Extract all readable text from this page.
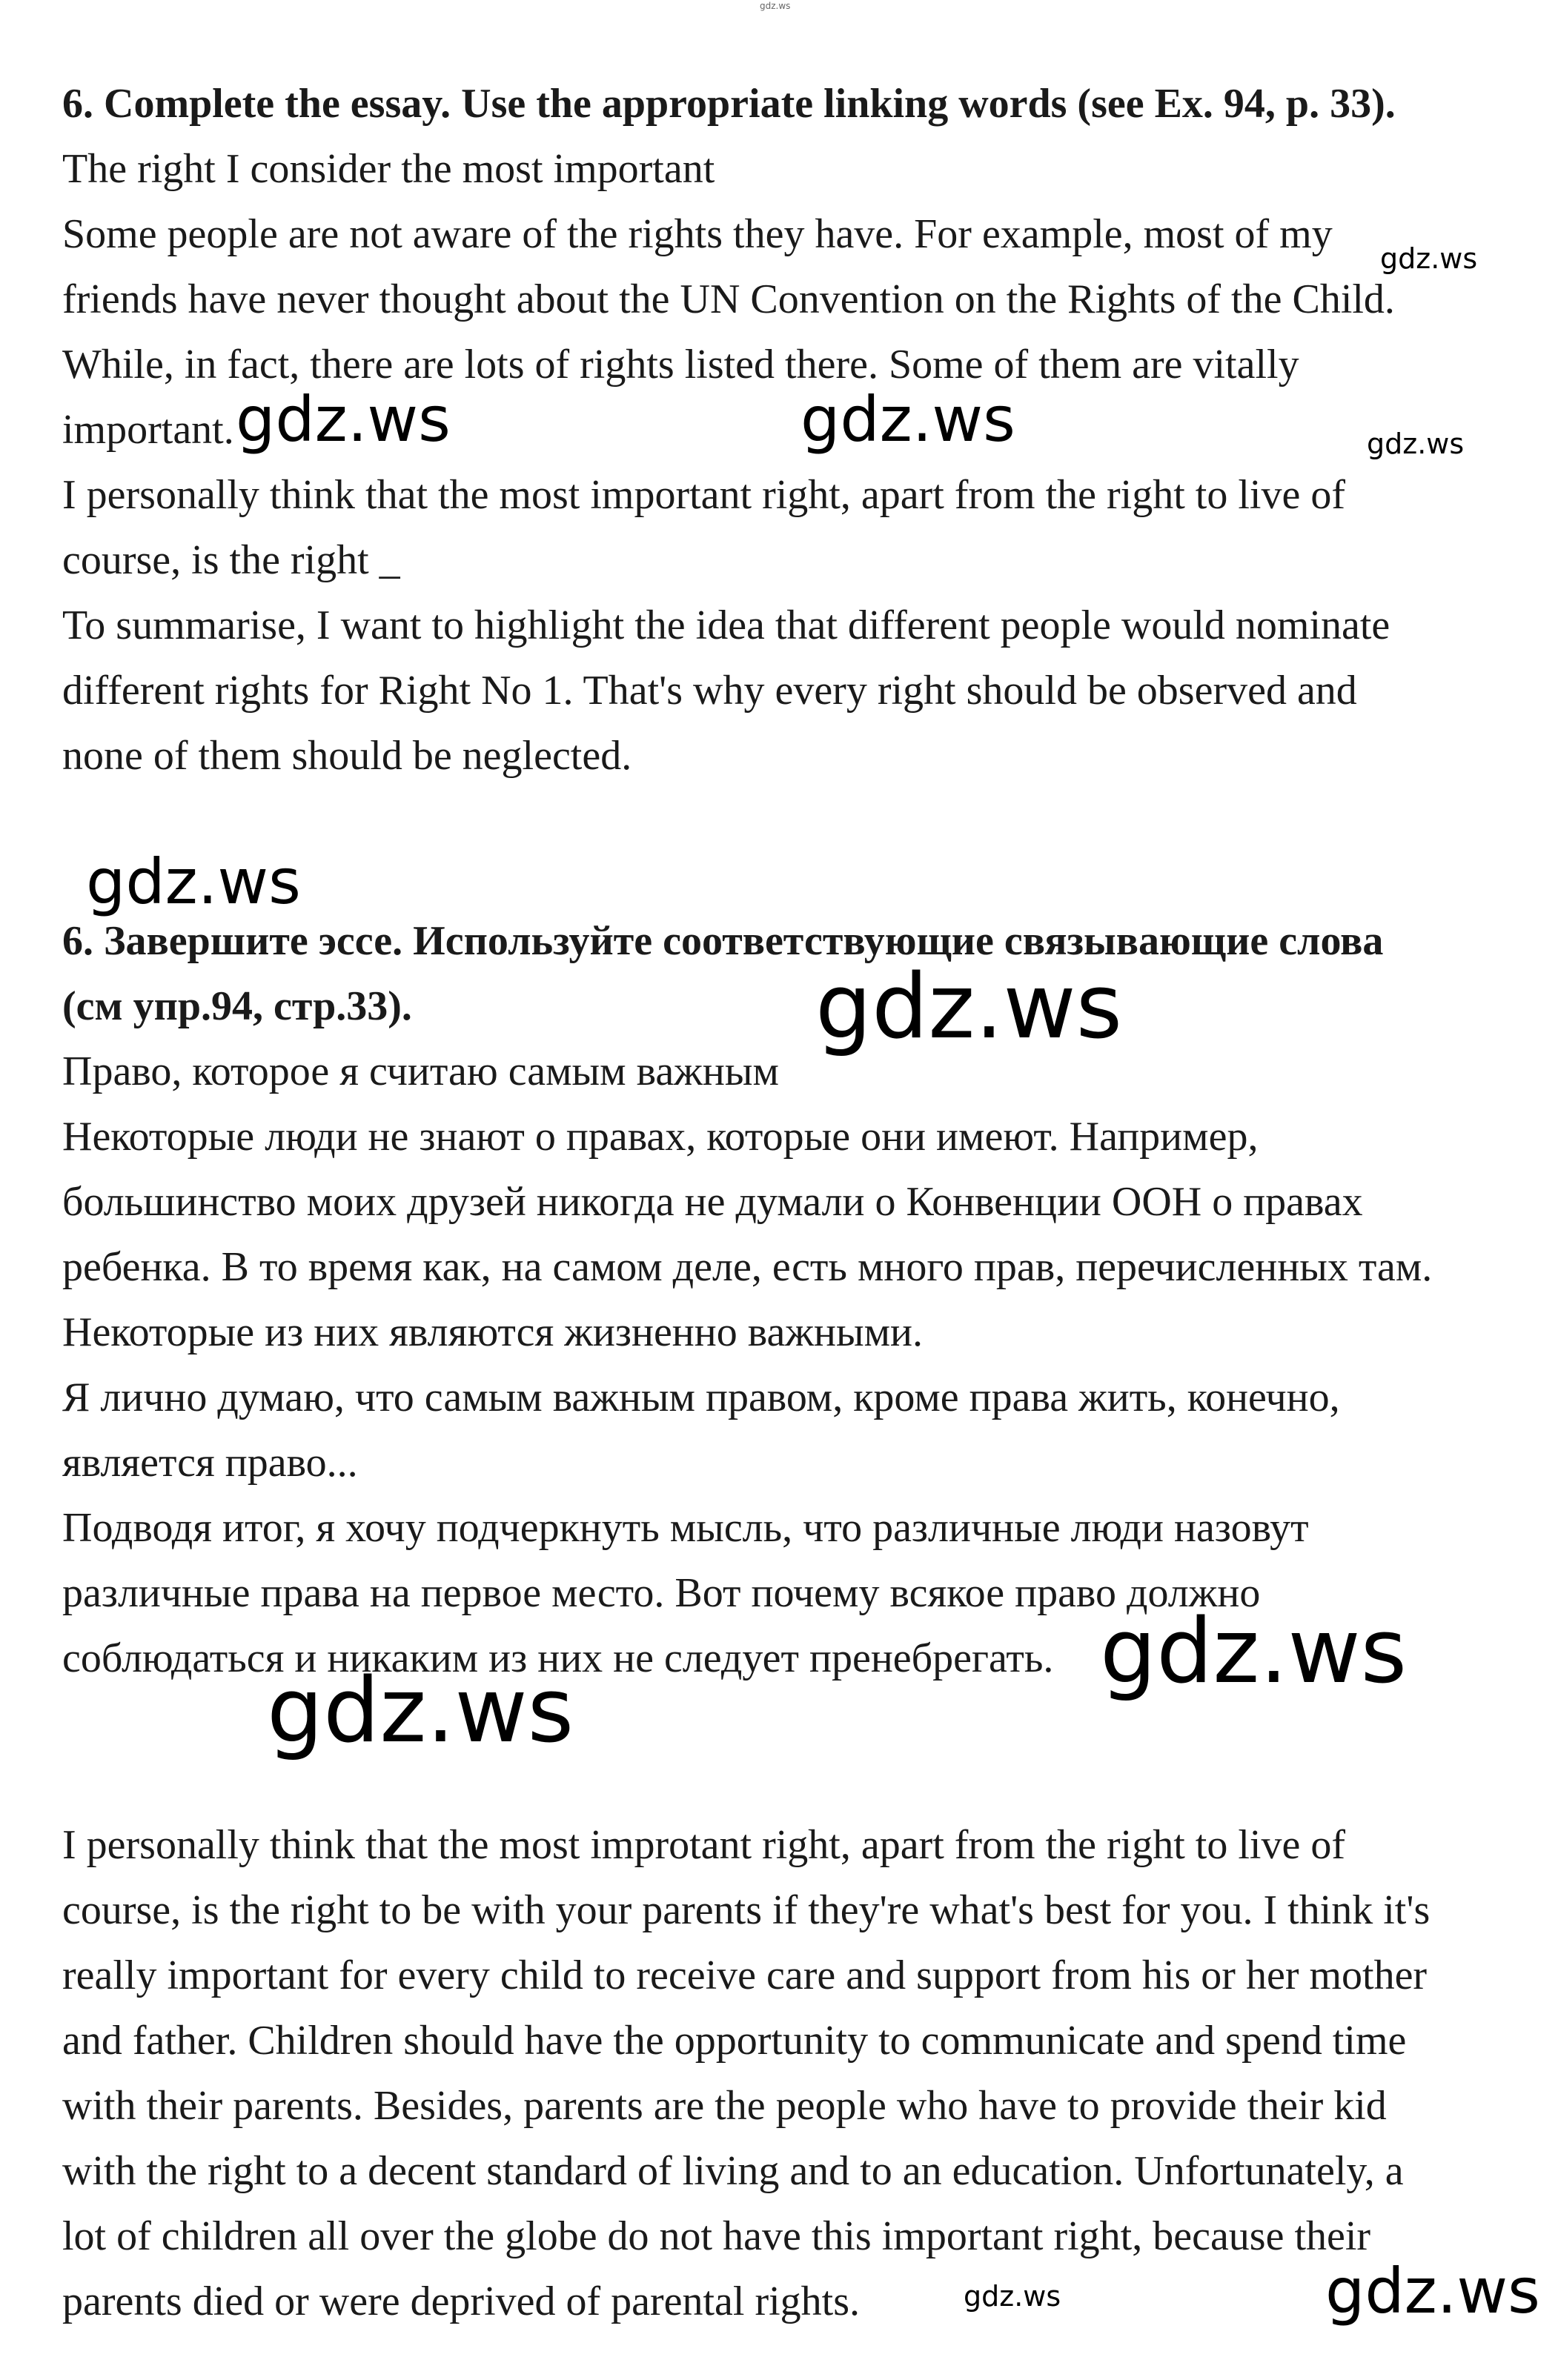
6. Complete the essay. Use the appropriate linking words (see Ex. 94, p. 33).
The right I consider the most important
Some people are not aware of the rights they have. For example, most of my
friends have never thought about the UN Convention on the Rights of the Child.
While, in fact, there are lots of rights listed there. Some of them are vitally
important.
I personally think that the most important right, apart from the right to live of
course, is the right _
To summarise, I want to highlight the idea that different people would nominate
different rights for Right No 1. That's why every right should be observed and
none of them should be neglected.
6. Завершите эссе. Используйте соответствующие связывающие слова
(см упр.94, стр.33).
Право, которое я считаю самым важным
Некоторые люди не знают о правах, которые они имеют. Например,
большинство моих друзей никогда не думали о Конвенции ООН о правах
ребенка. В то время как, на самом деле, есть много прав, перечисленных там.
Некоторые из них являются жизненно важными.
Я лично думаю, что самым важным правом, кроме права жить, конечно,
является право...
Подводя итог, я хочу подчеркнуть мысль, что различные люди назовут
различные права на первое место. Вот почему всякое право должно
соблюдаться и никаким из них не следует пренебрегать.
I personally think that the most improtant right, apart from the right to live of
course, is the right to be with your parents if they're what's best for you. I think it's
really important for every child to receive care and support from his or her mother
and father. Children should have the opportunity to communicate and spend time
with their parents. Besides, parents are the people who have to provide their kid
with the right to a decent standard of living and to an education. Unfortunately, a
lot of children all over the globe do not have this important right, because their
parents died or were deprived of parental rights.
gdz.ws
gdz.ws
gdz.ws	gdz.ws	gdz.ws
gdz.ws
gdz.ws
gdz.ws
gdz.ws
gdz.ws
gdz.ws
